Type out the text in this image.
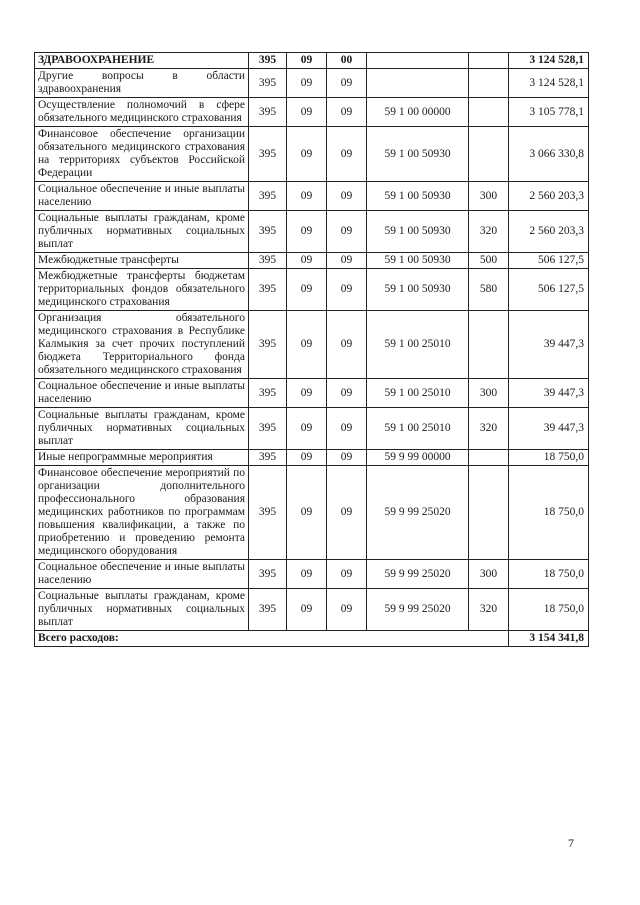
ЗДРАВООХРАНЕНИЕ	395	09	00			3 124 528,1
Другие вопросы в области здравоохранения	395	09	09			3 124 528,1
Осуществление полномочий в сфере обязательного медицинского страхования	395	09	09	59 1 00 00000		3 105 778,1
Финансовое обеспечение организации обязательного медицинского страхования на территориях субъектов Российской Федерации	395	09	09	59 1 00 50930		3 066 330,8
Социальное обеспечение и иные выплаты населению	395	09	09	59 1 00 50930	300	2 560 203,3
Социальные выплаты гражданам, кроме публичных нормативных социальных выплат	395	09	09	59 1 00 50930	320	2 560 203,3
Межбюджетные трансферты	395	09	09	59 1 00 50930	500	506 127,5
Межбюджетные трансферты бюджетам территориальных фондов обязательного медицинского страхования	395	09	09	59 1 00 50930	580	506 127,5
Организация обязательного медицинского страхования в Республике Калмыкия за счет прочих поступлений бюджета Территориального фонда обязательного медицинского страхования	395	09	09	59 1 00 25010		39 447,3
Социальное обеспечение и иные выплаты населению	395	09	09	59 1 00 25010	300	39 447,3
Социальные выплаты гражданам, кроме публичных нормативных социальных выплат	395	09	09	59 1 00 25010	320	39 447,3
Иные непрограммные мероприятия	395	09	09	59 9 99 00000		18 750,0
Финансовое обеспечение мероприятий по организации дополнительного профессионального образования медицинских работников по программам повышения квалификации, а также по приобретению и проведению ремонта медицинского оборудования	395	09	09	59 9 99 25020		18 750,0
Социальное обеспечение и иные выплаты населению	395	09	09	59 9 99 25020	300	18 750,0
Социальные выплаты гражданам, кроме публичных нормативных социальных выплат	395	09	09	59 9 99 25020	320	18 750,0
Всего расходов:						3 154 341,8
7
